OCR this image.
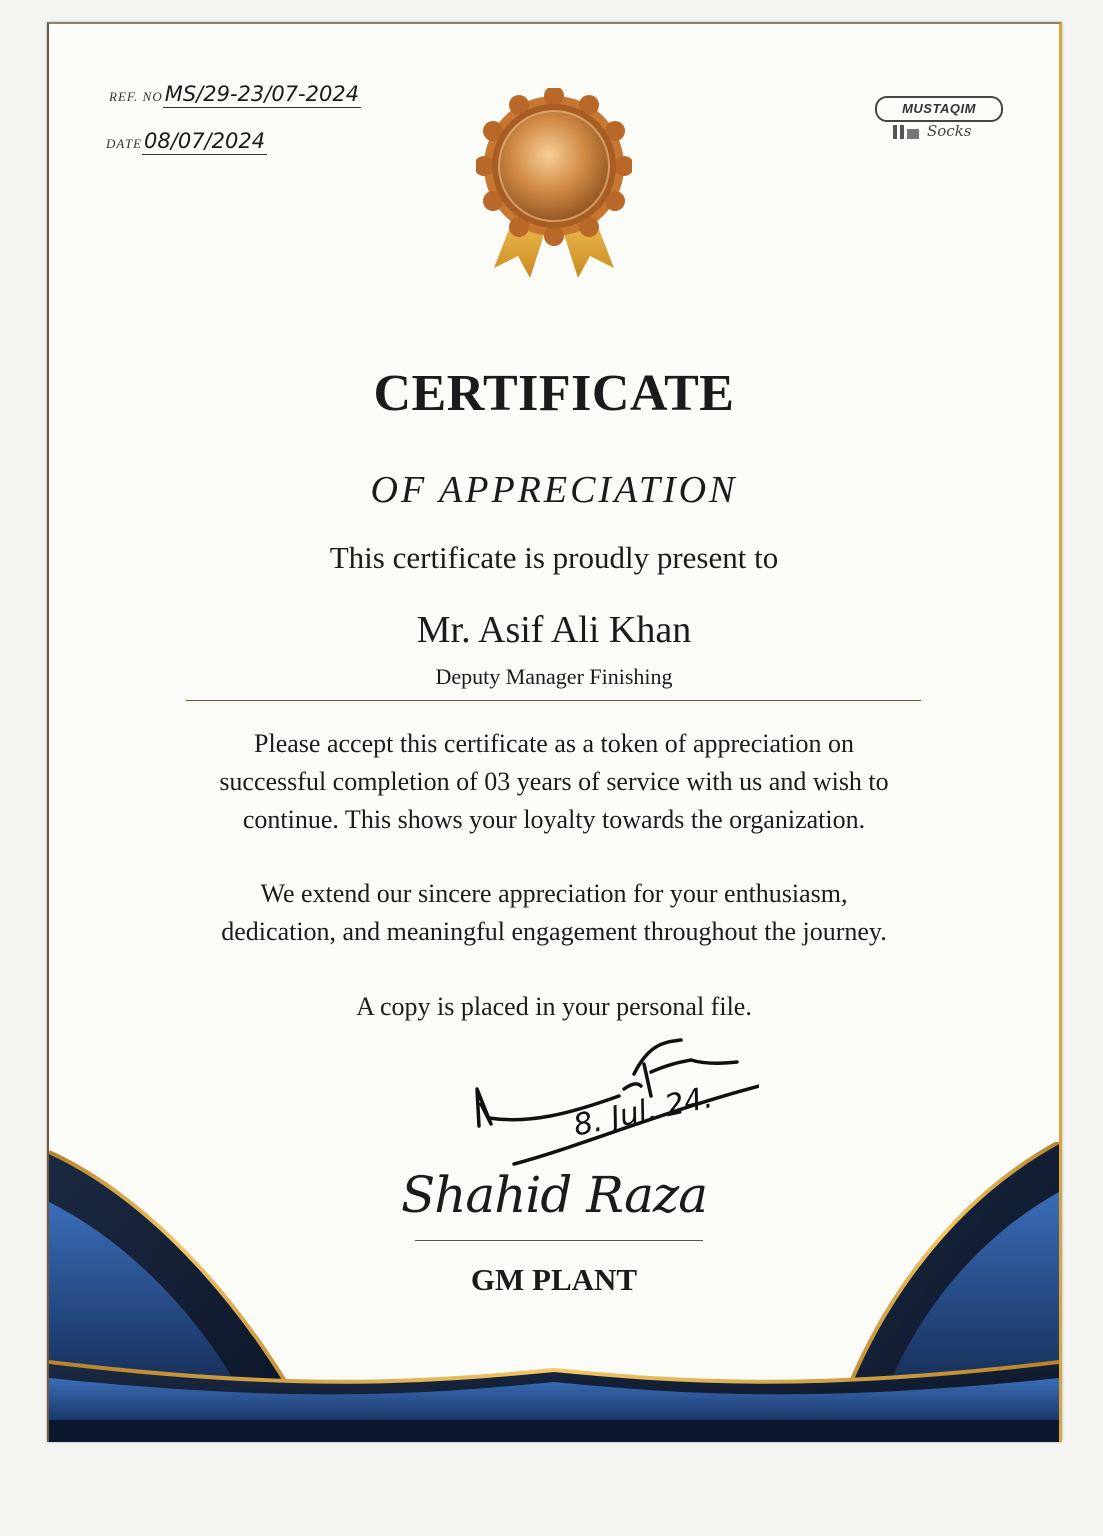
REF. NOMS/29-23/07-2024
DATE08/07/2024
MUSTAQIM
Socks
CERTIFICATE
OF APPRECIATION
This certificate is proudly present to
Mr. Asif Ali Khan
Deputy Manager Finishing
Please accept this certificate as a token of appreciation on
successful completion of 03 years of service with us and wish to
continue. This shows your loyalty towards the organization.
We extend our sincere appreciation for your enthusiasm,
dedication, and meaningful engagement throughout the journey.
A copy is placed in your personal file.
8. Jul. 24.
Shahid Raza
GM PLANT
